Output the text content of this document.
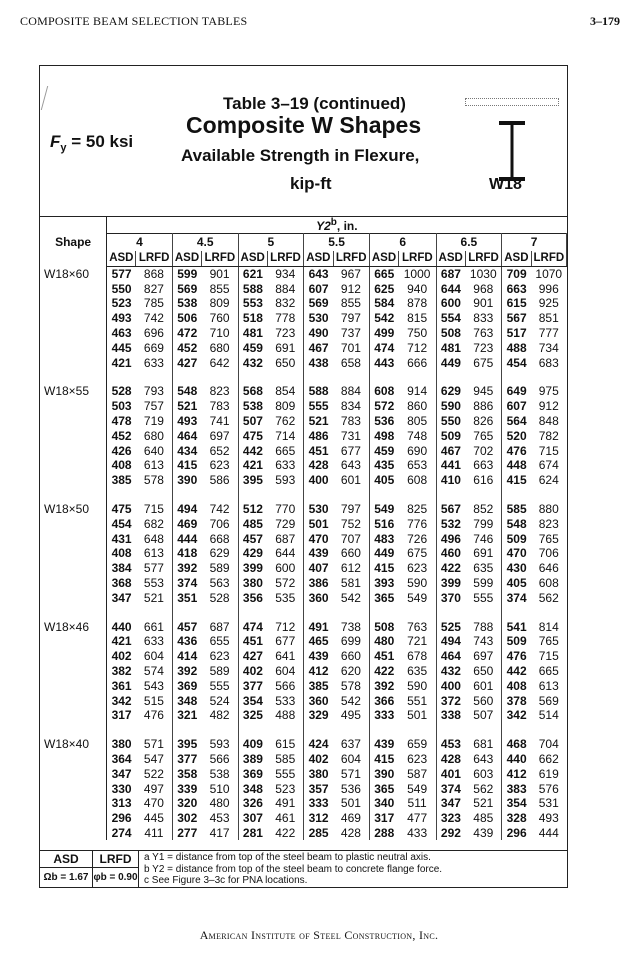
COMPOSITE BEAM SELECTION TABLES	3–179
$F_y = 50$ ksi
Table 3–19 (continued)
Composite W Shapes
Available Strength in Flexure,
kip-ft	W18
Shape	Y2$^b$, in.													
	4		4.5		5		5.5		6		6.5		7	
	ASD	LRFD	ASD	LRFD	ASD	LRFD	ASD	LRFD	ASD	LRFD	ASD	LRFD	ASD	LRFD
W18×60	577	868	599	901	621	934	643	967	665	1000	687	1030	709	1070
	550	827	569	855	588	884	607	912	625	940	644	968	663	996
	523	785	538	809	553	832	569	855	584	878	600	901	615	925
	493	742	506	760	518	778	530	797	542	815	554	833	567	851
	463	696	472	710	481	723	490	737	499	750	508	763	517	777
	445	669	452	680	459	691	467	701	474	712	481	723	488	734
	421	633	427	642	432	650	438	658	443	666	449	675	454	683

W18×55	528	793	548	823	568	854	588	884	608	914	629	945	649	975
	503	757	521	783	538	809	555	834	572	860	590	886	607	912
	478	719	493	741	507	762	521	783	536	805	550	826	564	848
	452	680	464	697	475	714	486	731	498	748	509	765	520	782
	426	640	434	652	442	665	451	677	459	690	467	702	476	715
	408	613	415	623	421	633	428	643	435	653	441	663	448	674
	385	578	390	586	395	593	400	601	405	608	410	616	415	624

W18×50	475	715	494	742	512	770	530	797	549	825	567	852	585	880
	454	682	469	706	485	729	501	752	516	776	532	799	548	823
	431	648	444	668	457	687	470	707	483	726	496	746	509	765
	408	613	418	629	429	644	439	660	449	675	460	691	470	706
	384	577	392	589	399	600	407	612	415	623	422	635	430	646
	368	553	374	563	380	572	386	581	393	590	399	599	405	608
	347	521	351	528	356	535	360	542	365	549	370	555	374	562

W18×46	440	661	457	687	474	712	491	738	508	763	525	788	541	814
	421	633	436	655	451	677	465	699	480	721	494	743	509	765
	402	604	414	623	427	641	439	660	451	678	464	697	476	715
	382	574	392	589	402	604	412	620	422	635	432	650	442	665
	361	543	369	555	377	566	385	578	392	590	400	601	408	613
	342	515	348	524	354	533	360	542	366	551	372	560	378	569
	317	476	321	482	325	488	329	495	333	501	338	507	342	514

W18×40	380	571	395	593	409	615	424	637	439	659	453	681	468	704
	364	547	377	566	389	585	402	604	415	623	428	643	440	662
	347	522	358	538	369	555	380	571	390	587	401	603	412	619
	330	497	339	510	348	523	357	536	365	549	374	562	383	576
	313	470	320	480	326	491	333	501	340	511	347	521	354	531
	296	445	302	453	307	461	312	469	317	477	323	485	328	493
	274	411	277	417	281	422	285	428	288	433	292	439	296	444
ASD	LRFD
Ωb = 1.67 φb = 0.90
a Y1 = distance from top of the steel beam to plastic neutral axis.
b Y2 = distance from top of the steel beam to concrete flange force.
c See Figure 3–3c for PNA locations.
American Institute of Steel Construction, Inc.
